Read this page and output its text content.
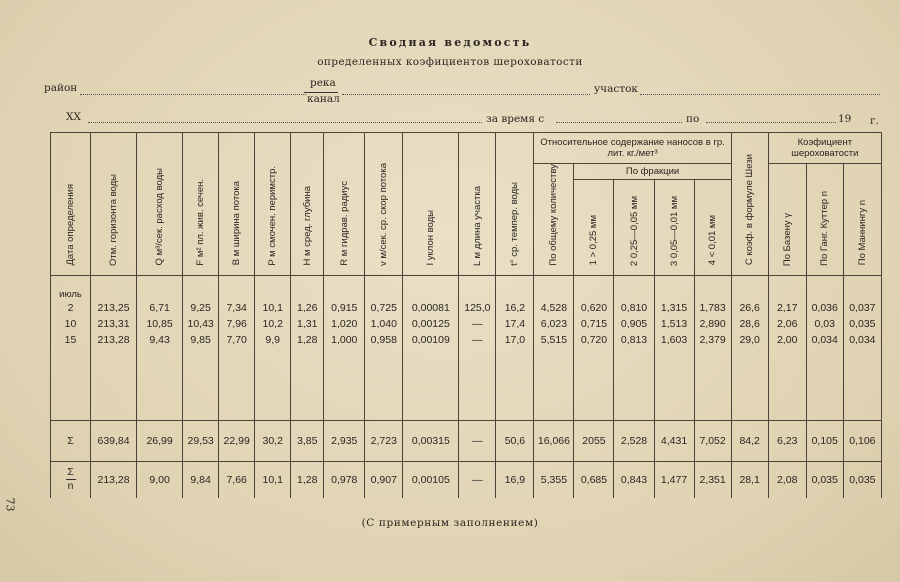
Сводная ведомость
определенных коэфициентов шероховатости
район	река
канал
участок
XX	за время с	по	19 г.
73
Дата определения	Отм. горизонта воды	Q м³/сек. расход воды	F м² пл. жив. сечен.	B м ширина потока	P м смочен. перимстр.	H м сред. глубина	R м гидрав. радиус	v м/сек. ср. скор потока	I уклон воды	L м длина участка	t° ср. темпер. воды	Относительное содержание наносов в гр. лит. кг./мет³					C коэф. в формуле Шези	Коэфициент шероховатости		
												По общему количеству	По фракции					По Базену γ	По Ганг. Куттер n	По Маннингу n
													1 > 0,25 мм	2 0,25—0,05 мм	3 0,05—0,01 мм	4 < 0,01 мм				
июль																				
2	213,25	6,71	9,25	7,34	10,1	1,26	0,915	0,725	0,00081	125,0	16,2	4,528	0,620	0,810	1,315	1,783	26,6	2,17	0,036	0,037
10	213,31	10,85	10,43	7,96	10,2	1,31	1,020	1,040	0,00125	—	17,4	6,023	0,715	0,905	1,513	2,890	28,6	2,06	0,03	0,035
15	213,28	9,43	9,85	7,70	9,9	1,28	1,000	0,958	0,00109	—	17,0	5,515	0,720	0,813	1,603	2,379	29,0	2,00	0,034	0,034

Σ	639,84	26,99	29,53	22,99	30,2	3,85	2,935	2,723	0,00315	—	50,6	16,066	2055	2,528	4,431	7,052	84,2	6,23	0,105	0,106

$\frac{\Sigma}{n}$	213,28	9,00	9,84	7,66	10,1	1,28	0,978	0,907	0,00105	—	16,9	5,355	0,685	0,843	1,477	2,351	28,1	2,08	0,035	0,035
(С примерным заполнением)
